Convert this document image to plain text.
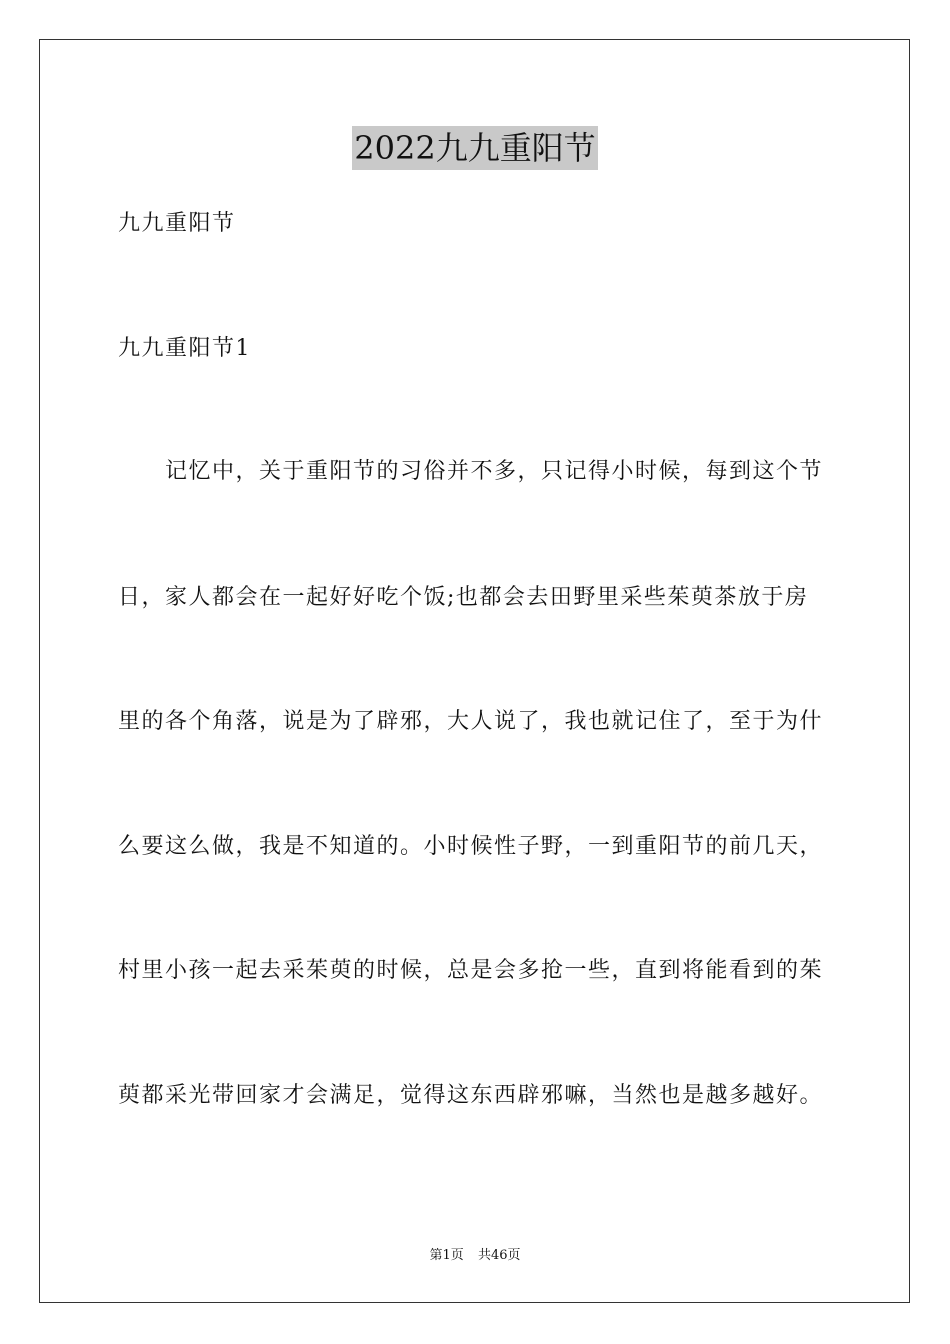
2022九九重阳节
九九重阳节
九九重阳节1
　　记忆中，关于重阳节的习俗并不多，只记得小时候，每到这个节
日，家人都会在一起好好吃个饭;也都会去田野里采些茱萸茶放于房
里的各个角落，说是为了辟邪，大人说了，我也就记住了，至于为什
么要这么做，我是不知道的。小时候性子野，一到重阳节的前几天，
村里小孩一起去采茱萸的时候，总是会多抢一些，直到将能看到的茱
萸都采光带回家才会满足，觉得这东西辟邪嘛，当然也是越多越好。
第1页 共46页
